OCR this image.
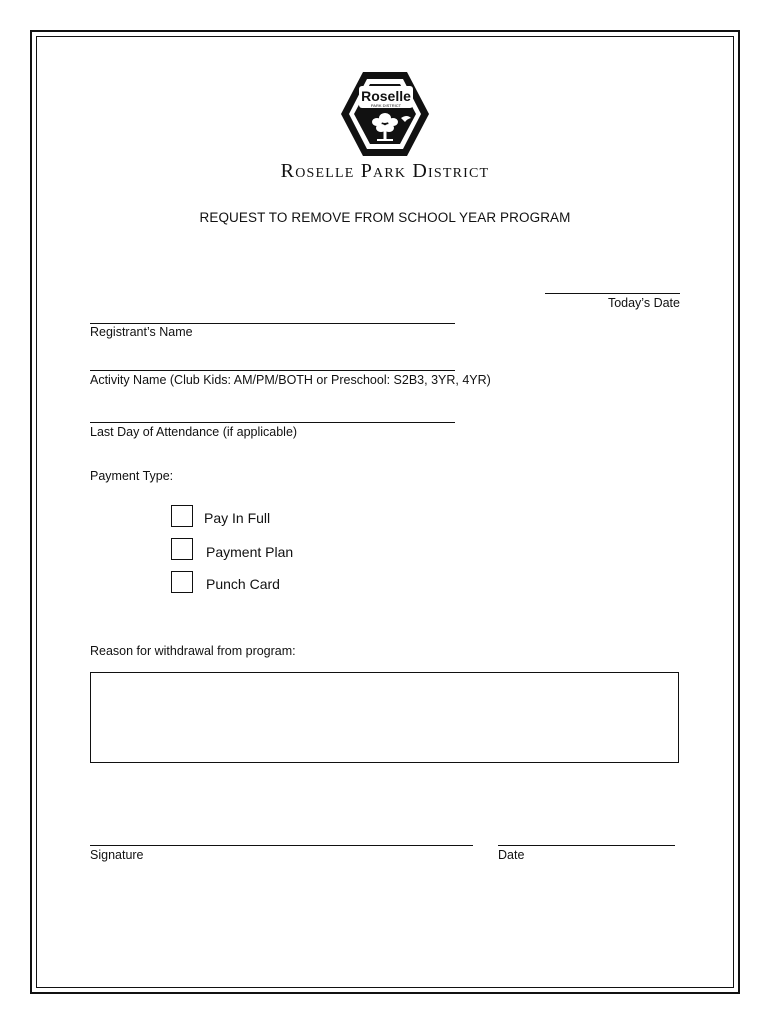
Roselle
PARK DISTRICT
Roselle Park District
REQUEST TO REMOVE FROM SCHOOL YEAR PROGRAM
Today’s Date
Registrant’s Name
Activity Name (Club Kids: AM/PM/BOTH or Preschool: S2B3, 3YR, 4YR)
Last Day of Attendance (if applicable)
Payment Type:
Pay In Full
Payment Plan
Punch Card
Reason for withdrawal from program:
Signature	Date
